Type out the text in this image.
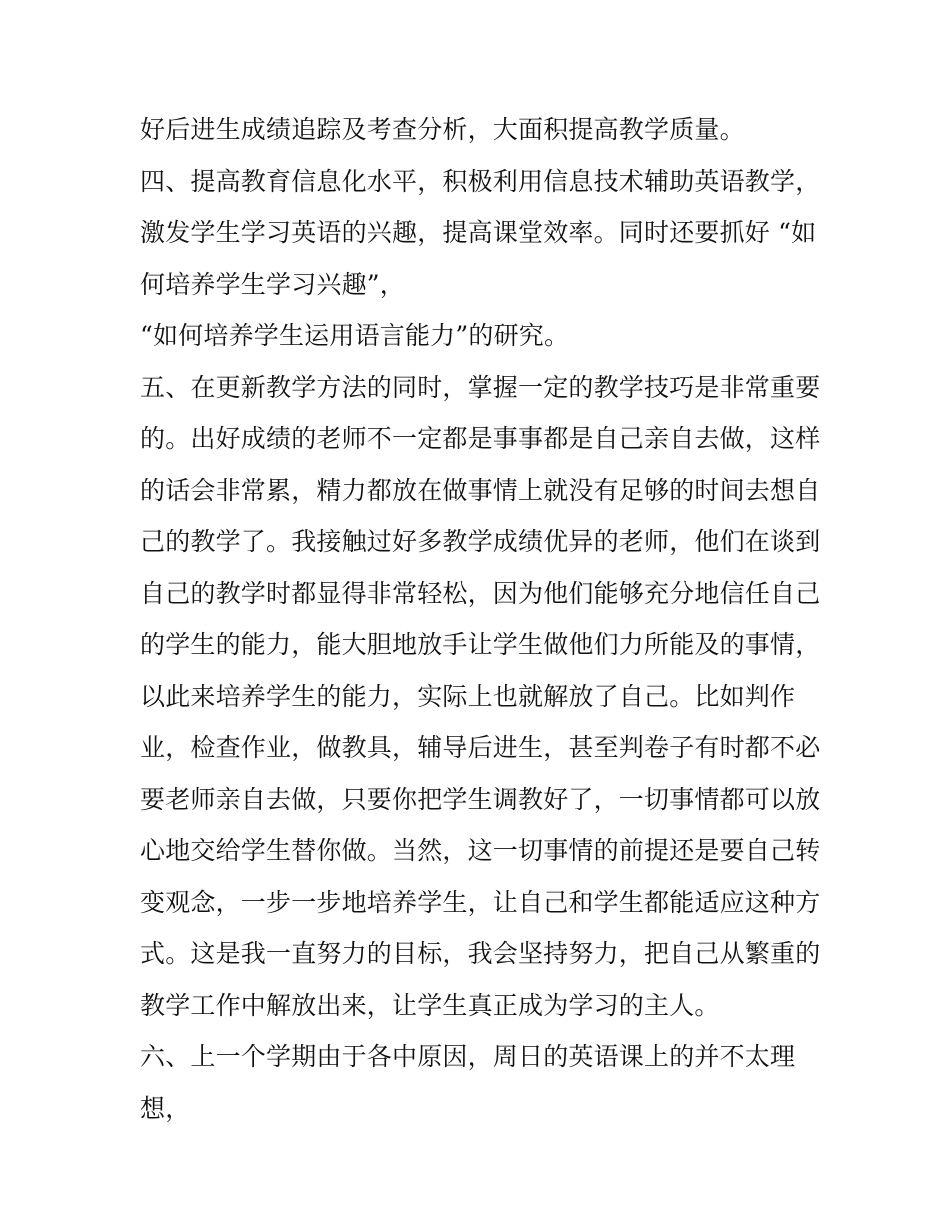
好后进生成绩追踪及考查分析，大面积提高教学质量。
四、提高教育信息化水平，积极利用信息技术辅助英语教学，
激发学生学习英语的兴趣，提高课堂效率。同时还要抓好 “如
何培养学生学习兴趣”，
“如何培养学生运用语言能力”的研究。
五、在更新教学方法的同时，掌握一定的教学技巧是非常重要
的。出好成绩的老师不一定都是事事都是自己亲自去做，这样
的话会非常累，精力都放在做事情上就没有足够的时间去想自
己的教学了。我接触过好多教学成绩优异的老师，他们在谈到
自己的教学时都显得非常轻松，因为他们能够充分地信任自己
的学生的能力，能大胆地放手让学生做他们力所能及的事情，
以此来培养学生的能力，实际上也就解放了自己。比如判作
业，检查作业，做教具，辅导后进生，甚至判卷子有时都不必
要老师亲自去做，只要你把学生调教好了，一切事情都可以放
心地交给学生替你做。当然，这一切事情的前提还是要自己转
变观念，一步一步地培养学生，让自己和学生都能适应这种方
式。这是我一直努力的目标，我会坚持努力，把自己从繁重的
教学工作中解放出来，让学生真正成为学习的主人。
六、上一个学期由于各中原因，周日的英语课上的并不太理
想，
